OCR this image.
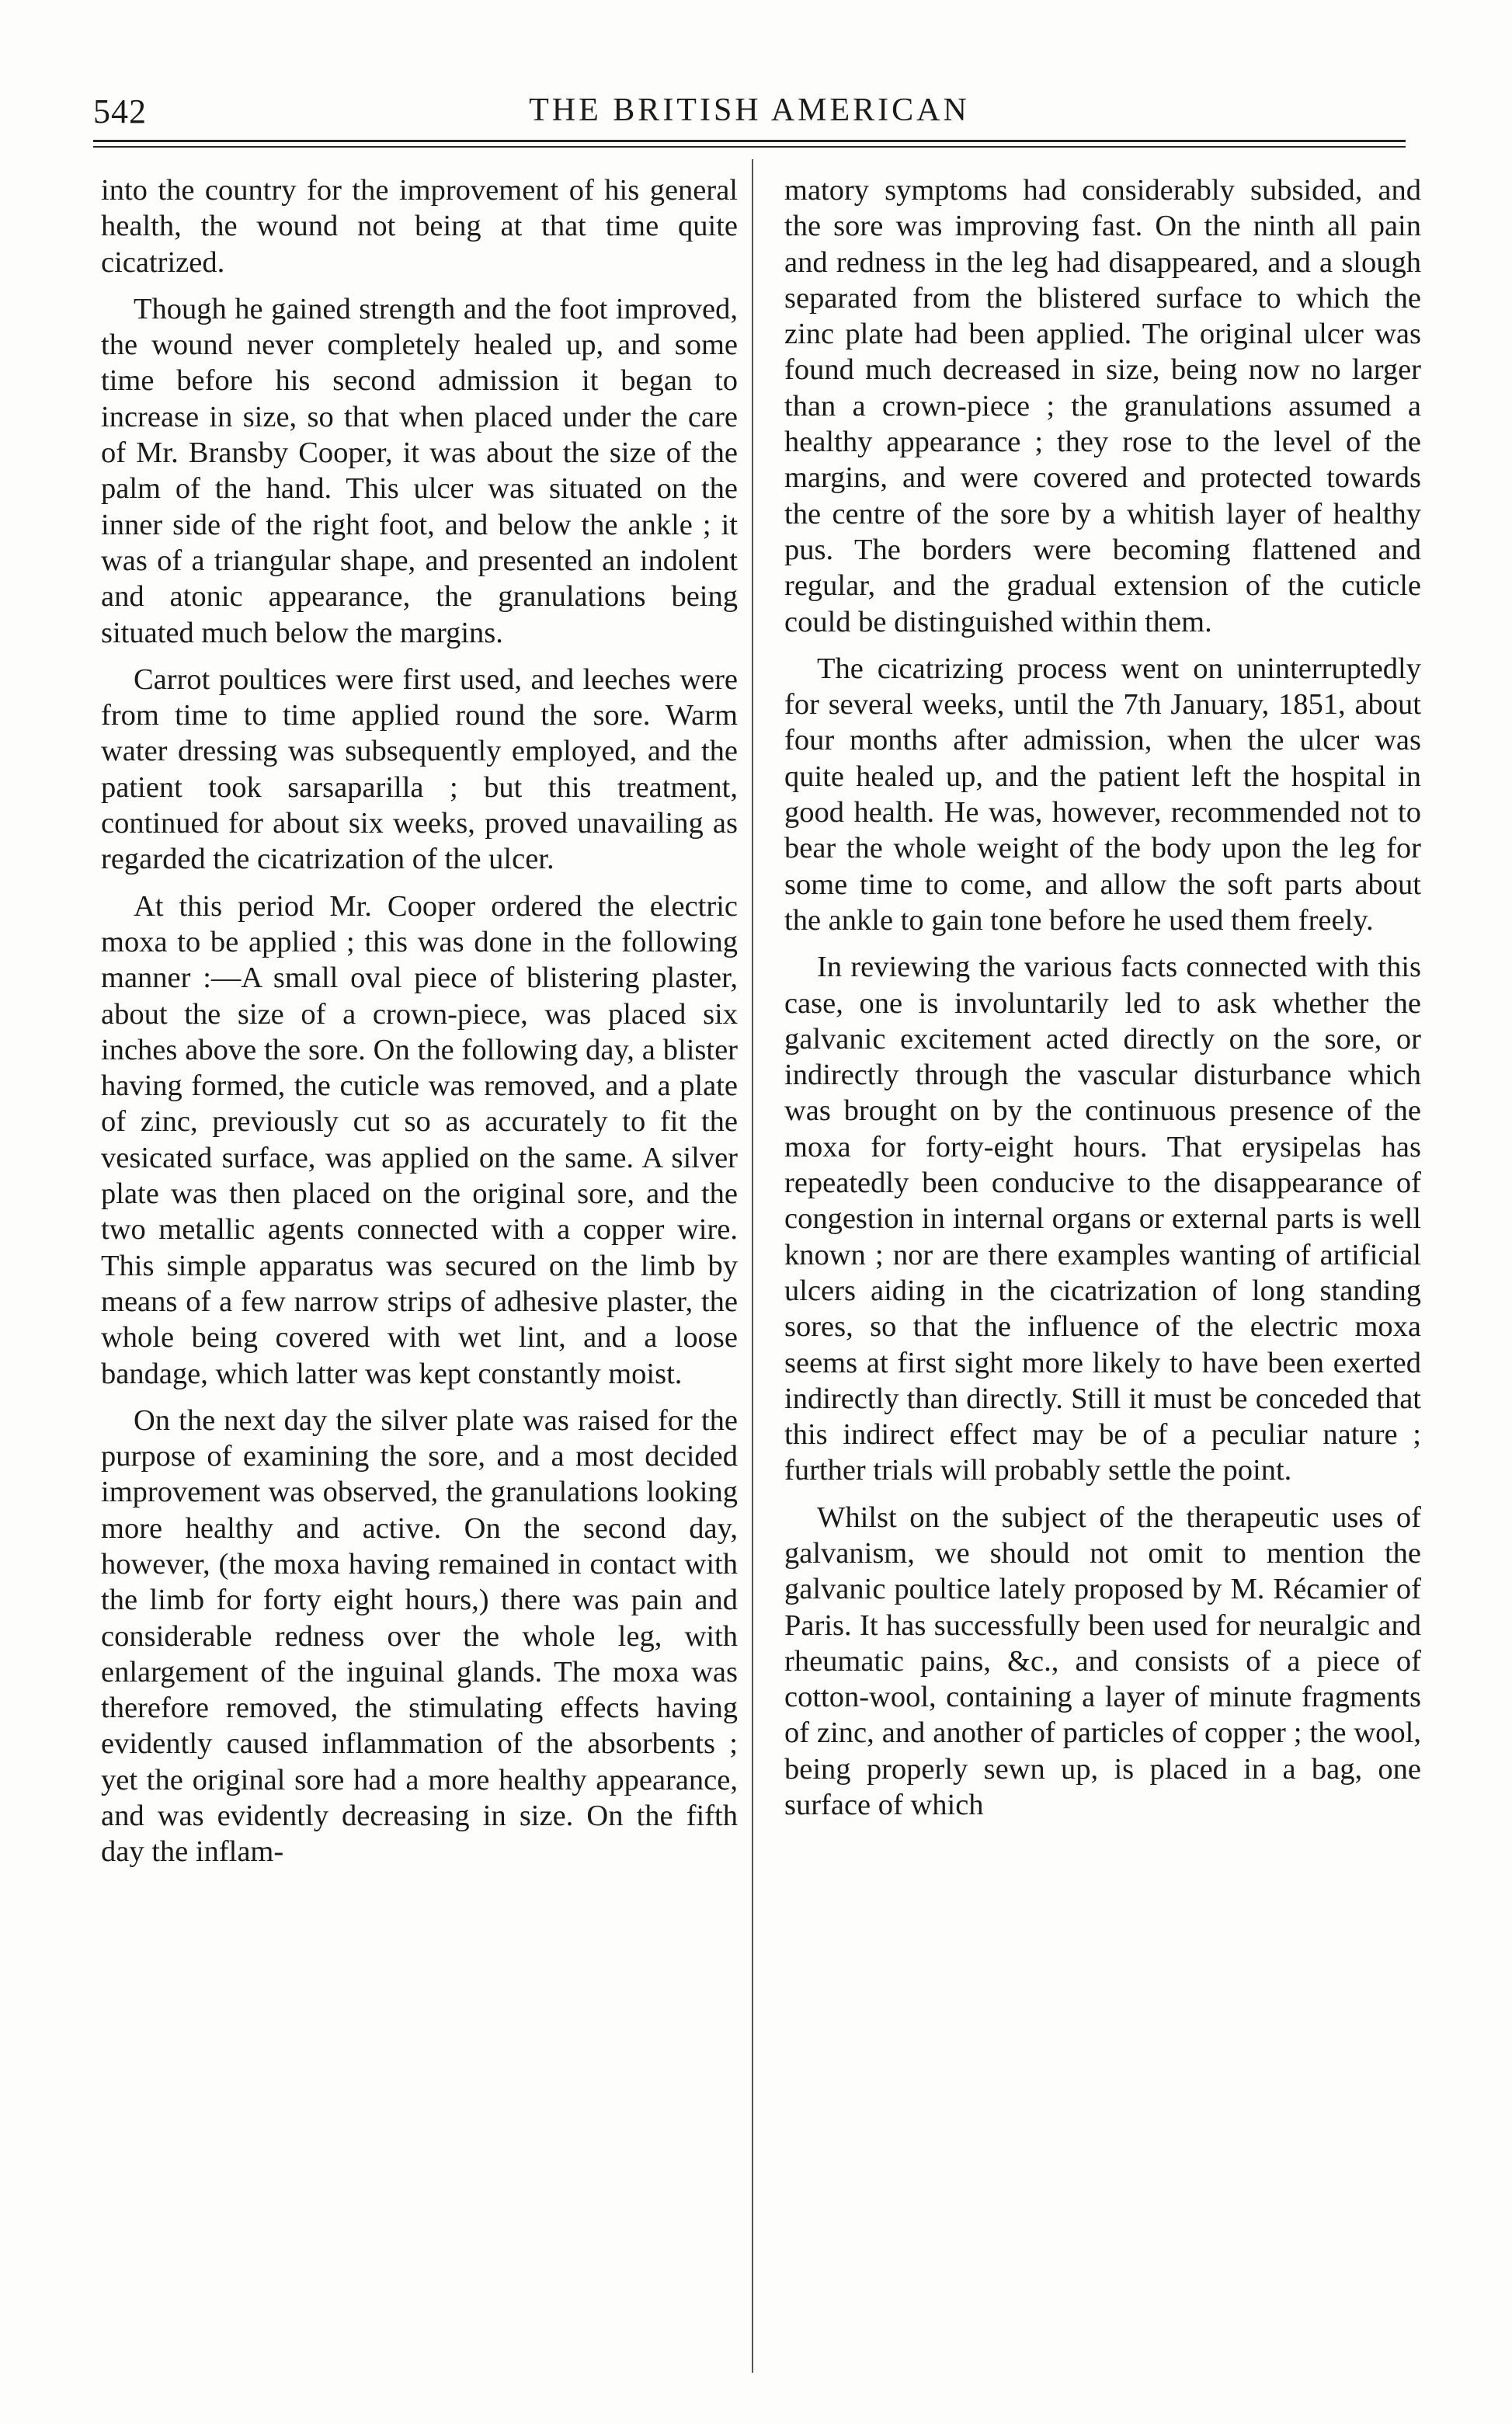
542	THE BRITISH AMERICAN

into the country for the improvement of his general health, the wound not being at that time quite cicatrized.

Though he gained strength and the foot improved, the wound never completely healed up, and some time before his second admission it began to increase in size, so that when placed under the care of Mr. Bransby Cooper, it was about the size of the palm of the hand. This ulcer was situated on the inner side of the right foot, and below the ankle ; it was of a triangular shape, and presented an indolent and atonic appearance, the granulations being situated much below the margins.

Carrot poultices were first used, and leeches were from time to time applied round the sore. Warm water dressing was subsequently employed, and the patient took sarsaparilla ; but this treatment, continued for about six weeks, proved unavailing as regarded the cicatrization of the ulcer.

At this period Mr. Cooper ordered the electric moxa to be applied ; this was done in the following manner :—A small oval piece of blistering plaster, about the size of a crown-piece, was placed six inches above the sore. On the following day, a blister having formed, the cuticle was removed, and a plate of zinc, previously cut so as accurately to fit the vesicated surface, was applied on the same. A silver plate was then placed on the original sore, and the two metallic agents connected with a copper wire. This simple apparatus was secured on the limb by means of a few narrow strips of adhesive plaster, the whole being covered with wet lint, and a loose bandage, which latter was kept constantly moist.

On the next day the silver plate was raised for the purpose of examining the sore, and a most decided improvement was observed, the granulations looking more healthy and active. On the second day, however, (the moxa having remained in contact with the limb for forty eight hours,) there was pain and considerable redness over the whole leg, with enlargement of the inguinal glands. The moxa was therefore removed, the stimulating effects having evidently caused inflammation of the absorbents ; yet the original sore had a more healthy appearance, and was evidently decreasing in size. On the fifth day the inflam-

matory symptoms had considerably subsided, and the sore was improving fast. On the ninth all pain and redness in the leg had disappeared, and a slough separated from the blistered surface to which the zinc plate had been applied. The original ulcer was found much decreased in size, being now no larger than a crown-piece ; the granulations assumed a healthy appearance ; they rose to the level of the margins, and were covered and protected towards the centre of the sore by a whitish layer of healthy pus. The borders were becoming flattened and regular, and the gradual extension of the cuticle could be distinguished within them.

The cicatrizing process went on uninterruptedly for several weeks, until the 7th January, 1851, about four months after admission, when the ulcer was quite healed up, and the patient left the hospital in good health. He was, however, recommended not to bear the whole weight of the body upon the leg for some time to come, and allow the soft parts about the ankle to gain tone before he used them freely.

In reviewing the various facts connected with this case, one is involuntarily led to ask whether the galvanic excitement acted directly on the sore, or indirectly through the vascular disturbance which was brought on by the continuous presence of the moxa for forty-eight hours. That erysipelas has repeatedly been conducive to the disappearance of congestion in internal organs or external parts is well known ; nor are there examples wanting of artificial ulcers aiding in the cicatrization of long standing sores, so that the influence of the electric moxa seems at first sight more likely to have been exerted indirectly than directly. Still it must be conceded that this indirect effect may be of a peculiar nature ; further trials will probably settle the point.

Whilst on the subject of the therapeutic uses of galvanism, we should not omit to mention the galvanic poultice lately proposed by M. Récamier of Paris. It has successfully been used for neuralgic and rheumatic pains, &c., and consists of a piece of cotton-wool, containing a layer of minute fragments of zinc, and another of particles of copper ; the wool, being properly sewn up, is placed in a bag, one surface of which
